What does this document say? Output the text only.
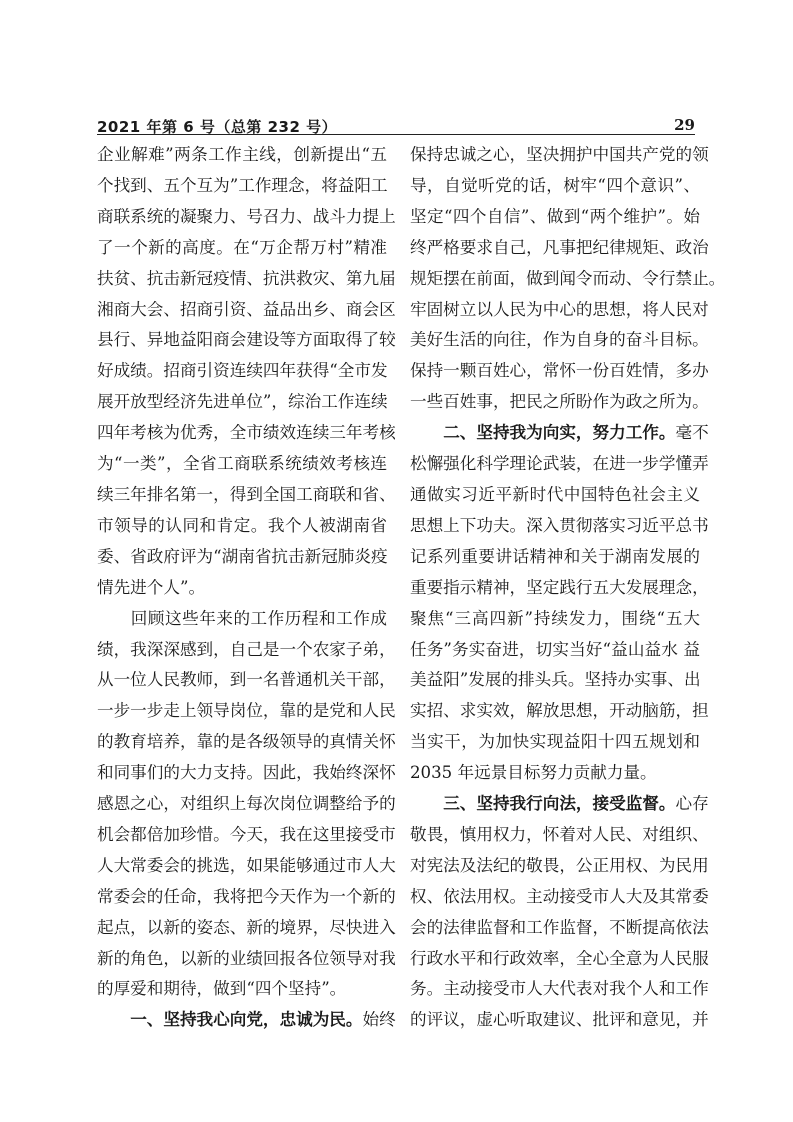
2021 年第 6 号（总第 232 号）	29

企业解难”两条工作主线，创新提出“五
个找到、五个互为”工作理念，将益阳工
商联系统的凝聚力、号召力、战斗力提上
了一个新的高度。在“万企帮万村”精准
扶贫、抗击新冠疫情、抗洪救灾、第九届
湘商大会、招商引资、益品出乡、商会区
县行、异地益阳商会建设等方面取得了较
好成绩。招商引资连续四年获得“全市发
展开放型经济先进单位”，综治工作连续
四年考核为优秀，全市绩效连续三年考核
为“一类”，全省工商联系统绩效考核连
续三年排名第一，得到全国工商联和省、
市领导的认同和肯定。我个人被湖南省
委、省政府评为“湖南省抗击新冠肺炎疫
情先进个人”。

  回顾这些年来的工作历程和工作成
绩，我深深感到，自己是一个农家子弟，
从一位人民教师，到一名普通机关干部，
一步一步走上领导岗位，靠的是党和人民
的教育培养，靠的是各级领导的真情关怀
和同事们的大力支持。因此，我始终深怀
感恩之心，对组织上每次岗位调整给予的
机会都倍加珍惜。今天，我在这里接受市
人大常委会的挑选，如果能够通过市人大
常委会的任命，我将把今天作为一个新的
起点，以新的姿态、新的境界，尽快进入
新的角色，以新的业绩回报各位领导对我
的厚爱和期待，做到“四个坚持”。

  一、坚持我心向党，忠诚为民。始终

保持忠诚之心，坚决拥护中国共产党的领
导，自觉听党的话，树牢“四个意识”、
坚定“四个自信”、做到“两个维护”。始
终严格要求自己，凡事把纪律规矩、政治
规矩摆在前面，做到闻令而动、令行禁止。
牢固树立以人民为中心的思想，将人民对
美好生活的向往，作为自身的奋斗目标。
保持一颗百姓心，常怀一份百姓情，多办
一些百姓事，把民之所盼作为政之所为。

  二、坚持我为向实，努力工作。毫不
松懈强化科学理论武装，在进一步学懂弄
通做实习近平新时代中国特色社会主义
思想上下功夫。深入贯彻落实习近平总书
记系列重要讲话精神和关于湖南发展的
重要指示精神，坚定践行五大发展理念，
聚焦“三高四新”持续发力，围绕“五大
任务”务实奋进，切实当好“益山益水 益
美益阳”发展的排头兵。坚持办实事、出
实招、求实效，解放思想，开动脑筋，担
当实干，为加快实现益阳十四五规划和
2035 年远景目标努力贡献力量。

  三、坚持我行向法，接受监督。心存
敬畏，慎用权力，怀着对人民、对组织、
对宪法及法纪的敬畏，公正用权、为民用
权、依法用权。主动接受市人大及其常委
会的法律监督和工作监督，不断提高依法
行政水平和行政效率，全心全意为人民服
务。主动接受市人大代表对我个人和工作
的评议，虚心听取建议、批评和意见，并
